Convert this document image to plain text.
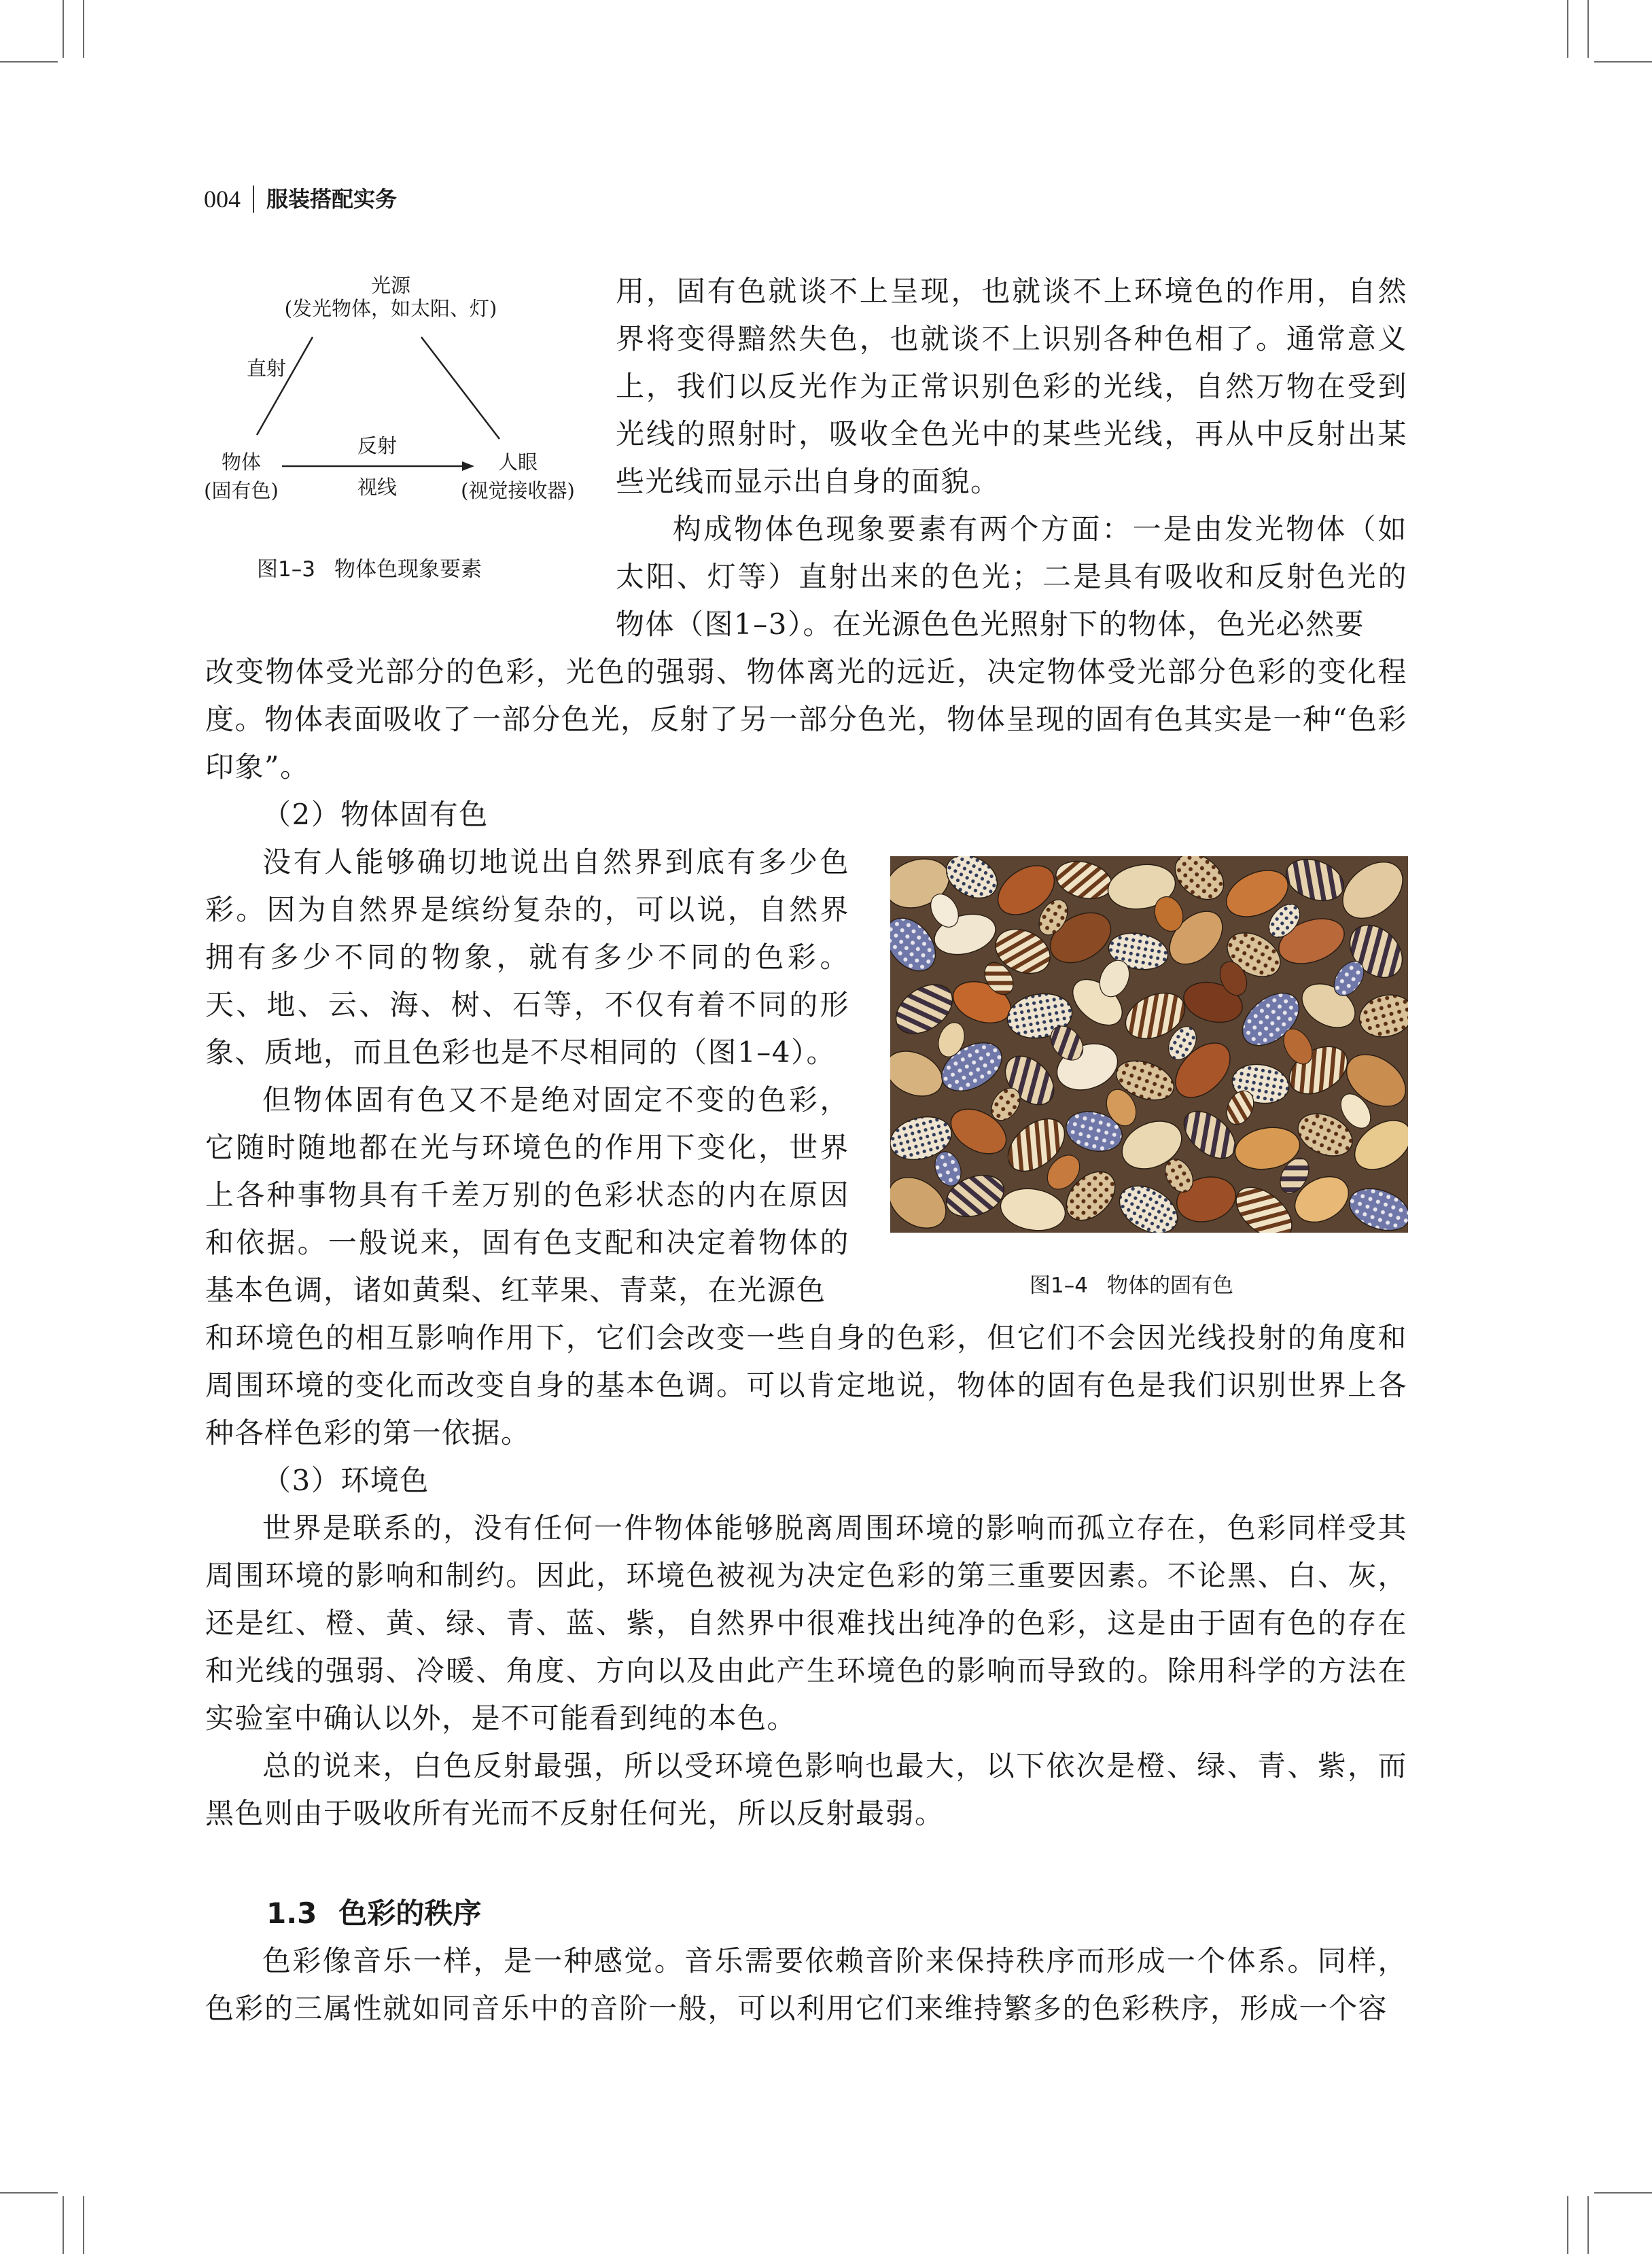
004 服装搭配实务
光源
(发光物体，如太阳、灯)
直射
反射
视线
物体
(固有色)
人眼
(视觉接收器)
图1–3 物体色现象要素

用，固有色就谈不上呈现，也就谈不上环境色的作用，自然界将变得黯然失色，也就谈不上识别各种色相了。通常意义上，我们以反光作为正常识别色彩的光线，自然万物在受到光线的照射时，吸收全色光中的某些光线，再从中反射出某些光线而显示出自身的面貌。

构成物体色现象要素有两个方面：一是由发光物体（如太阳、灯等）直射出来的色光；二是具有吸收和反射色光的物体（图1–3）。在光源色色光照射下的物体，色光必然要

改变物体受光部分的色彩，光色的强弱、物体离光的远近，决定物体受光部分色彩的变化程度。物体表面吸收了一部分色光，反射了另一部分色光，物体呈现的固有色其实是一种“色彩印象”。

（2）物体固有色

没有人能够确切地说出自然界到底有多少色彩。因为自然界是缤纷复杂的，可以说，自然界拥有多少不同的物象，就有多少不同的色彩。天、地、云、海、树、石等，不仅有着不同的形象、质地，而且色彩也是不尽相同的（图1–4）。

但物体固有色又不是绝对固定不变的色彩，它随时随地都在光与环境色的作用下变化，世界上各种事物具有千差万别的色彩状态的内在原因和依据。一般说来，固有色支配和决定着物体的基本色调，诸如黄梨、红苹果、青菜，在光源色

和环境色的相互影响作用下，它们会改变一些自身的色彩，但它们不会因光线投射的角度和周围环境的变化而改变自身的基本色调。可以肯定地说，物体的固有色是我们识别世界上各种各样色彩的第一依据。

图1–4 物体的固有色

（3）环境色

世界是联系的，没有任何一件物体能够脱离周围环境的影响而孤立存在，色彩同样受其周围环境的影响和制约。因此，环境色被视为决定色彩的第三重要因素。不论黑、白、灰，还是红、橙、黄、绿、青、蓝、紫，自然界中很难找出纯净的色彩，这是由于固有色的存在和光线的强弱、冷暖、角度、方向以及由此产生环境色的影响而导致的。除用科学的方法在实验室中确认以外，是不可能看到纯的本色。

总的说来，白色反射最强，所以受环境色影响也最大，以下依次是橙、绿、青、紫，而黑色则由于吸收所有光而不反射任何光，所以反射最弱。

1.3 色彩的秩序

色彩像音乐一样，是一种感觉。音乐需要依赖音阶来保持秩序而形成一个体系。同样，色彩的三属性就如同音乐中的音阶一般，可以利用它们来维持繁多的色彩秩序，形成一个容
